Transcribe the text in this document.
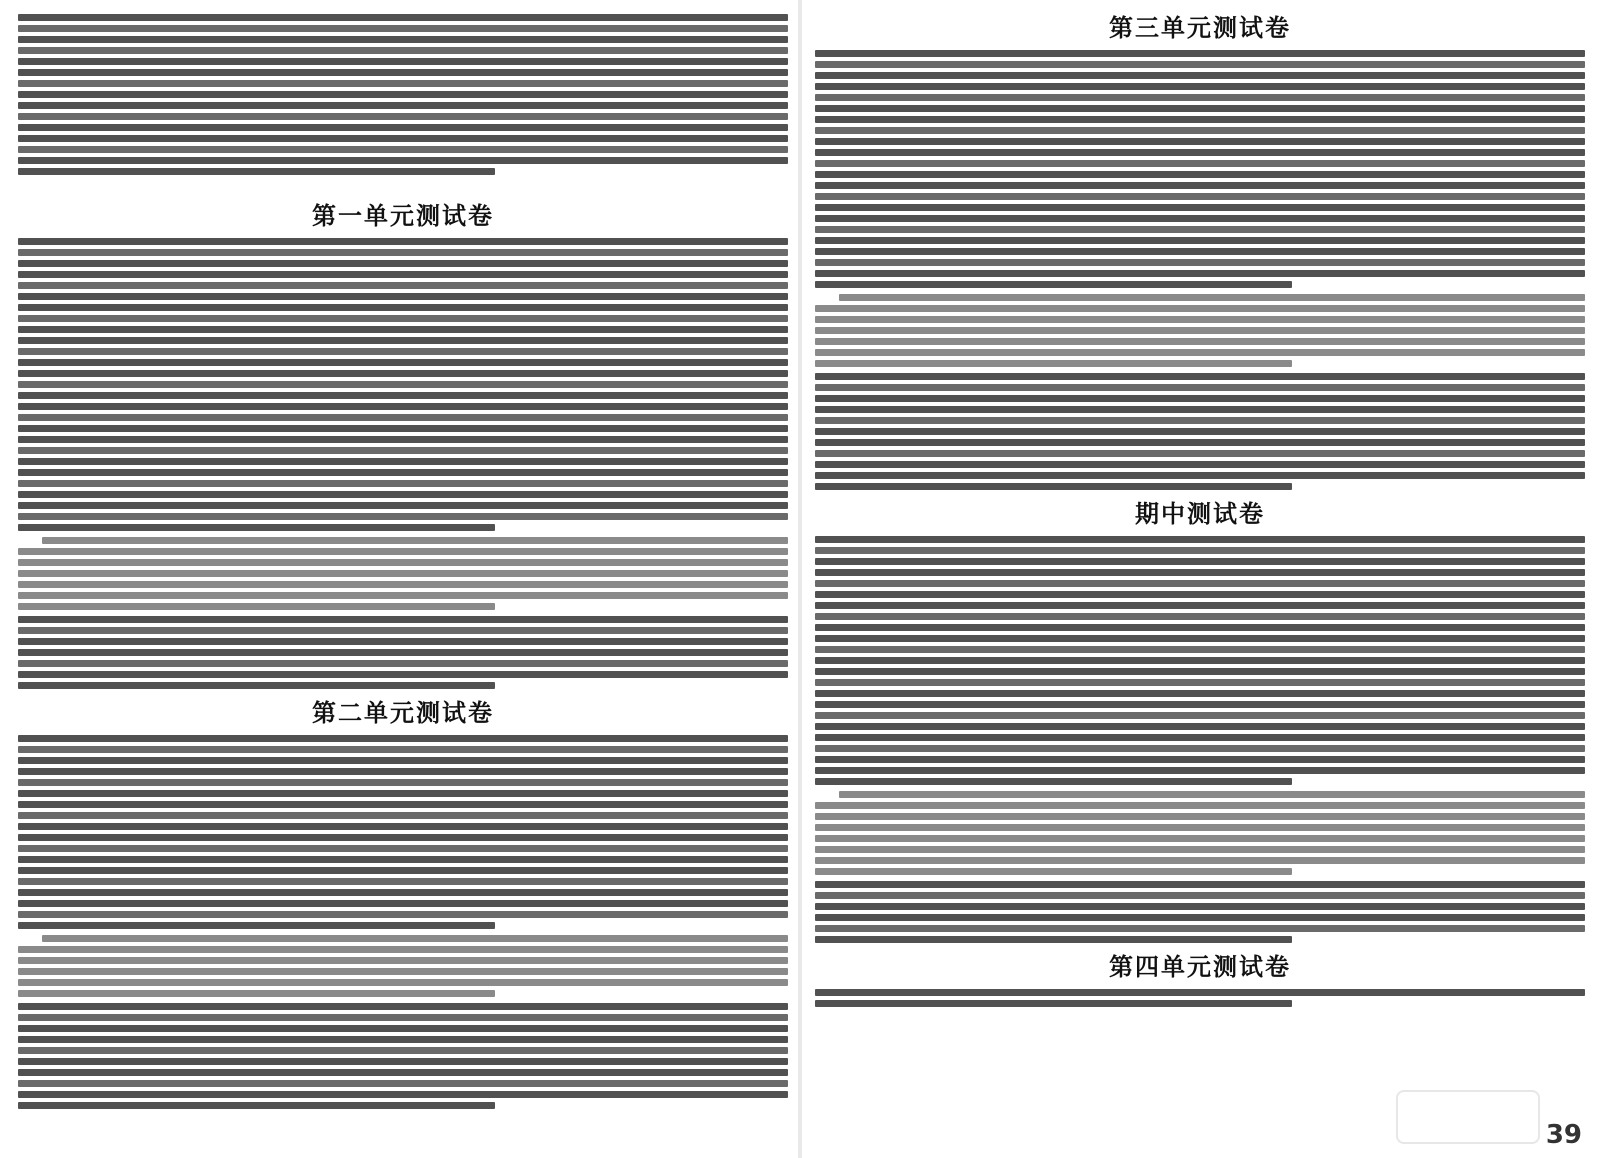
第一单元测试卷
第二单元测试卷
第三单元测试卷
期中测试卷
第四单元测试卷
39
